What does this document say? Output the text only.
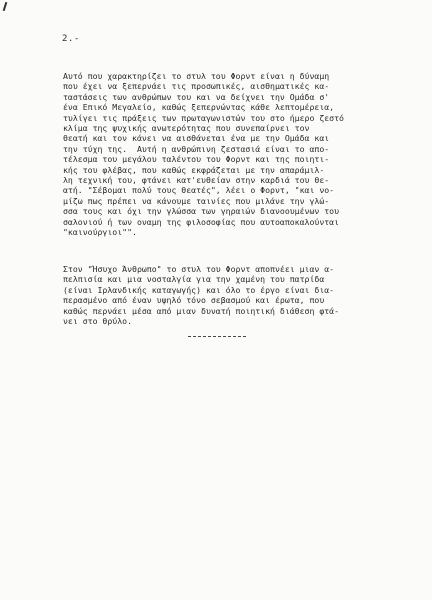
2.-
Αυτό που χαρακτηρίζει το στυλ του Φορντ είναι η δύναμη
που έχει να ξεπερνάει τις προσωπικές, αισθηματικές κα-
ταστάσεις των ανθρώπων του και να δείχνει την Ομάδα σ'
ένα Επικό Μεγαλείο, καθώς ξεπερνώντας κάθε λεπτομέρεια,
τυλίγει τις πράξεις των πρωταγωνιστών του στο ήμερο ζεστό
κλίμα της ψυχικής ανωτερότητας που συνεπαίρνει τον
θεατή και τον κάνει να αισθάνεται ένα με την Ομάδα και
την τύχη της.  Αυτή η ανθρώπινη ζεστασιά είναι το απο-
τέλεσμα του μεγάλου ταλέντου του Φορντ και της ποιητι-
κής του φλέβας, που καθώς εκφράζεται με την απαράμιλ-
λη τεχνική του, φτάνει κατ'ευθείαν στην καρδιά του θε-
ατή. "Σέβομαι πολύ τους θεατές", λέει ο Φορντ, "και νο-
μίζω πως πρέπει να κάνουμε ταινίες που μιλάνε την γλώ-
σσα τους και όχι την γλώσσα των γηραιών διανοουμένων του
σαλονιού ή των οναμη της φιλοσοφίας που αυτοαποκαλούνται
"καινούργιοι"".
Στον "Ήσυχο Άνθρωπο" το στυλ του Φορντ αποπνέει μιαν α-
πελπισία και μια νοσταλγία για την χαμένη του πατρίδα
(είναι Ιρλανδικής καταγωγής) και όλο το έργο είναι δια-
περασμένο από έναν υψηλό τόνο σεβασμού και έρωτα, που
καθώς περνάει μέσα από μιαν δυνατή ποιητική διάθεση φτά-
νει στο θρύλο.
